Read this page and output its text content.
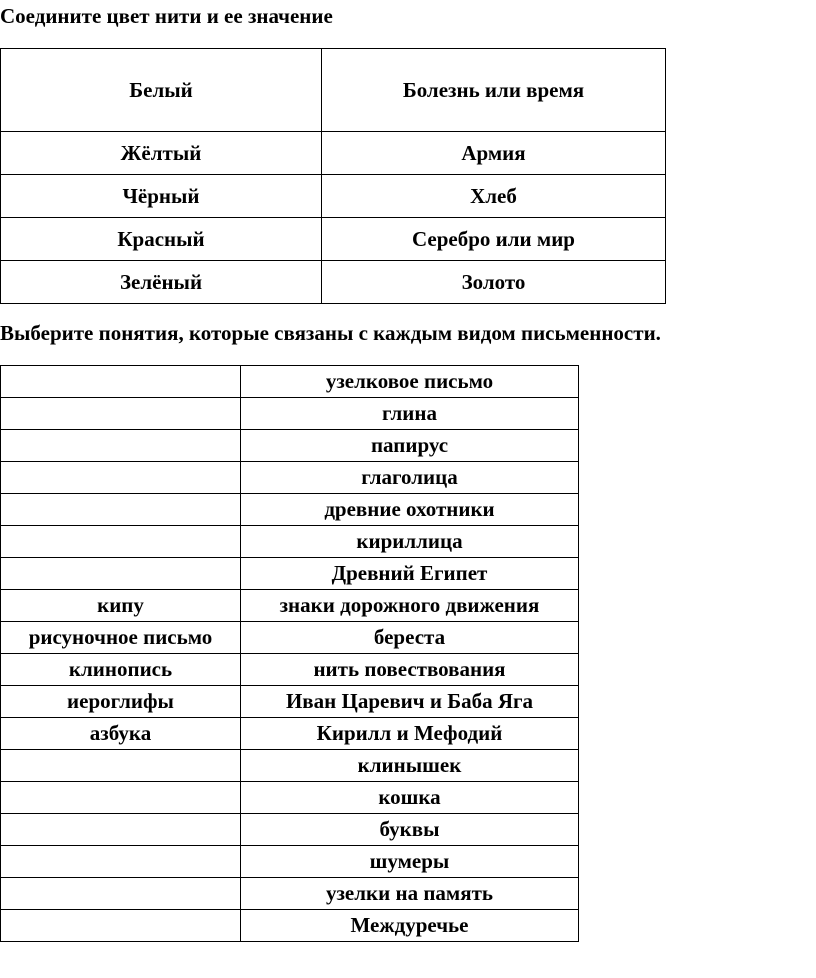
Соедините цвет нити и ее значение

Белый	Болезнь или время
Жёлтый	Армия
Чёрный	Хлеб
Красный	Серебро или мир
Зелёный	Золото

Выберите понятия, которые связаны с каждым видом письменности.

	узелковое письмо
	глина
	папирус
	глаголица
	древние охотники
	кириллица
	Древний Египет
кипу	знаки дорожного движения
рисуночное письмо	береста
клинопись	нить повествования
иероглифы	Иван Царевич и Баба Яга
азбука	Кирилл и Мефодий
	клинышек
	кошка
	буквы
	шумеры
	узелки на память
	Междуречье
